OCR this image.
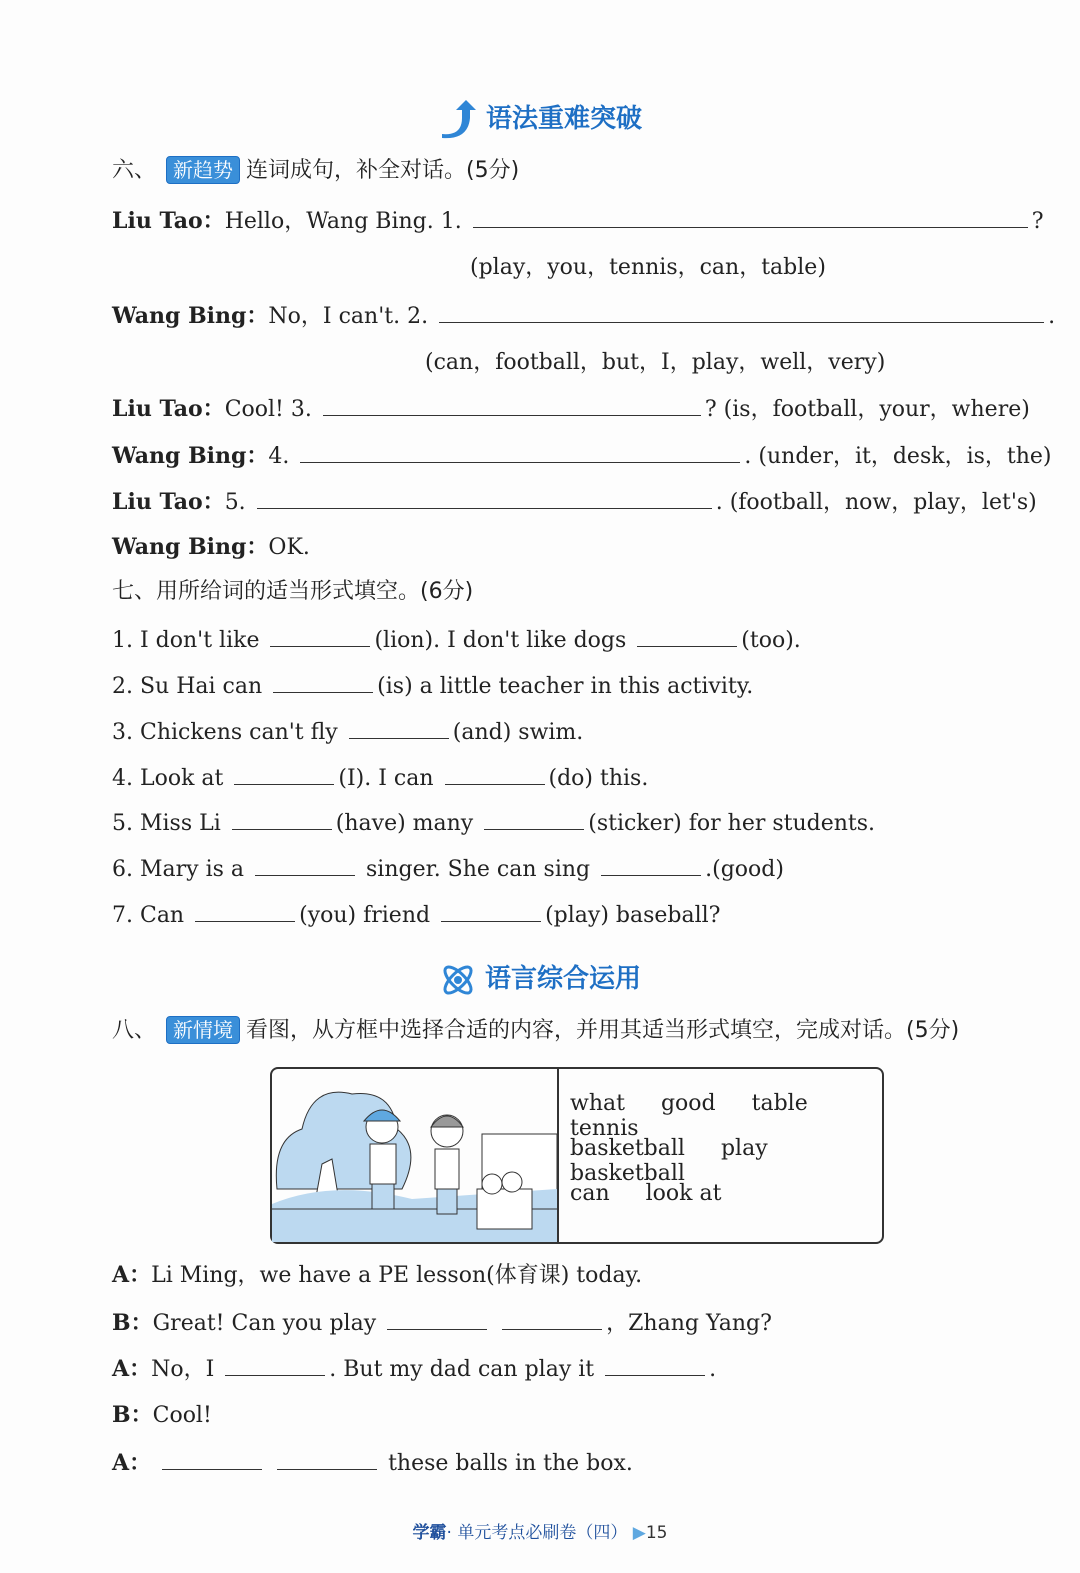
语法重难突破
六、 新趋势 连词成句，补全对话。(5分)
Liu Tao：Hello，Wang Bing. 1.	?
(play，you，tennis，can，table)
Wang Bing：No，I can't. 2.	.
(can，football，but，I，play，well，very)
Liu Tao：Cool! 3.	? (is，football，your，where)
Wang Bing：4.	. (under，it，desk，is，the)
Liu Tao：5.	. (football，now，play，let's)
Wang Bing：OK.
七、用所给词的适当形式填空。(6分)
1. I don't like	(lion). I don't like dogs	(too).
2. Su Hai can	(is) a little teacher in this activity.
3. Chickens can't fly	(and) swim.
4. Look at	(I). I can	(do) this.
5. Miss Li	(have) many	(sticker) for her students.
6. Mary is a	singer. She can sing	.(good)
7. Can	(you) friend	(play) baseball?
语言综合运用
八、 新情境 看图，从方框中选择合适的内容，并用其适当形式填空，完成对话。(5分)
what good table tennis
basketball play basketball
can look at
A：Li Ming，we have a PE lesson(体育课) today.
B：Great! Can you play	，Zhang Yang?
A：No，I	. But my dad can play it	.
B：Cool!
A：	these balls in the box.
学霸· 单元考点必刷卷（四） ▶15
